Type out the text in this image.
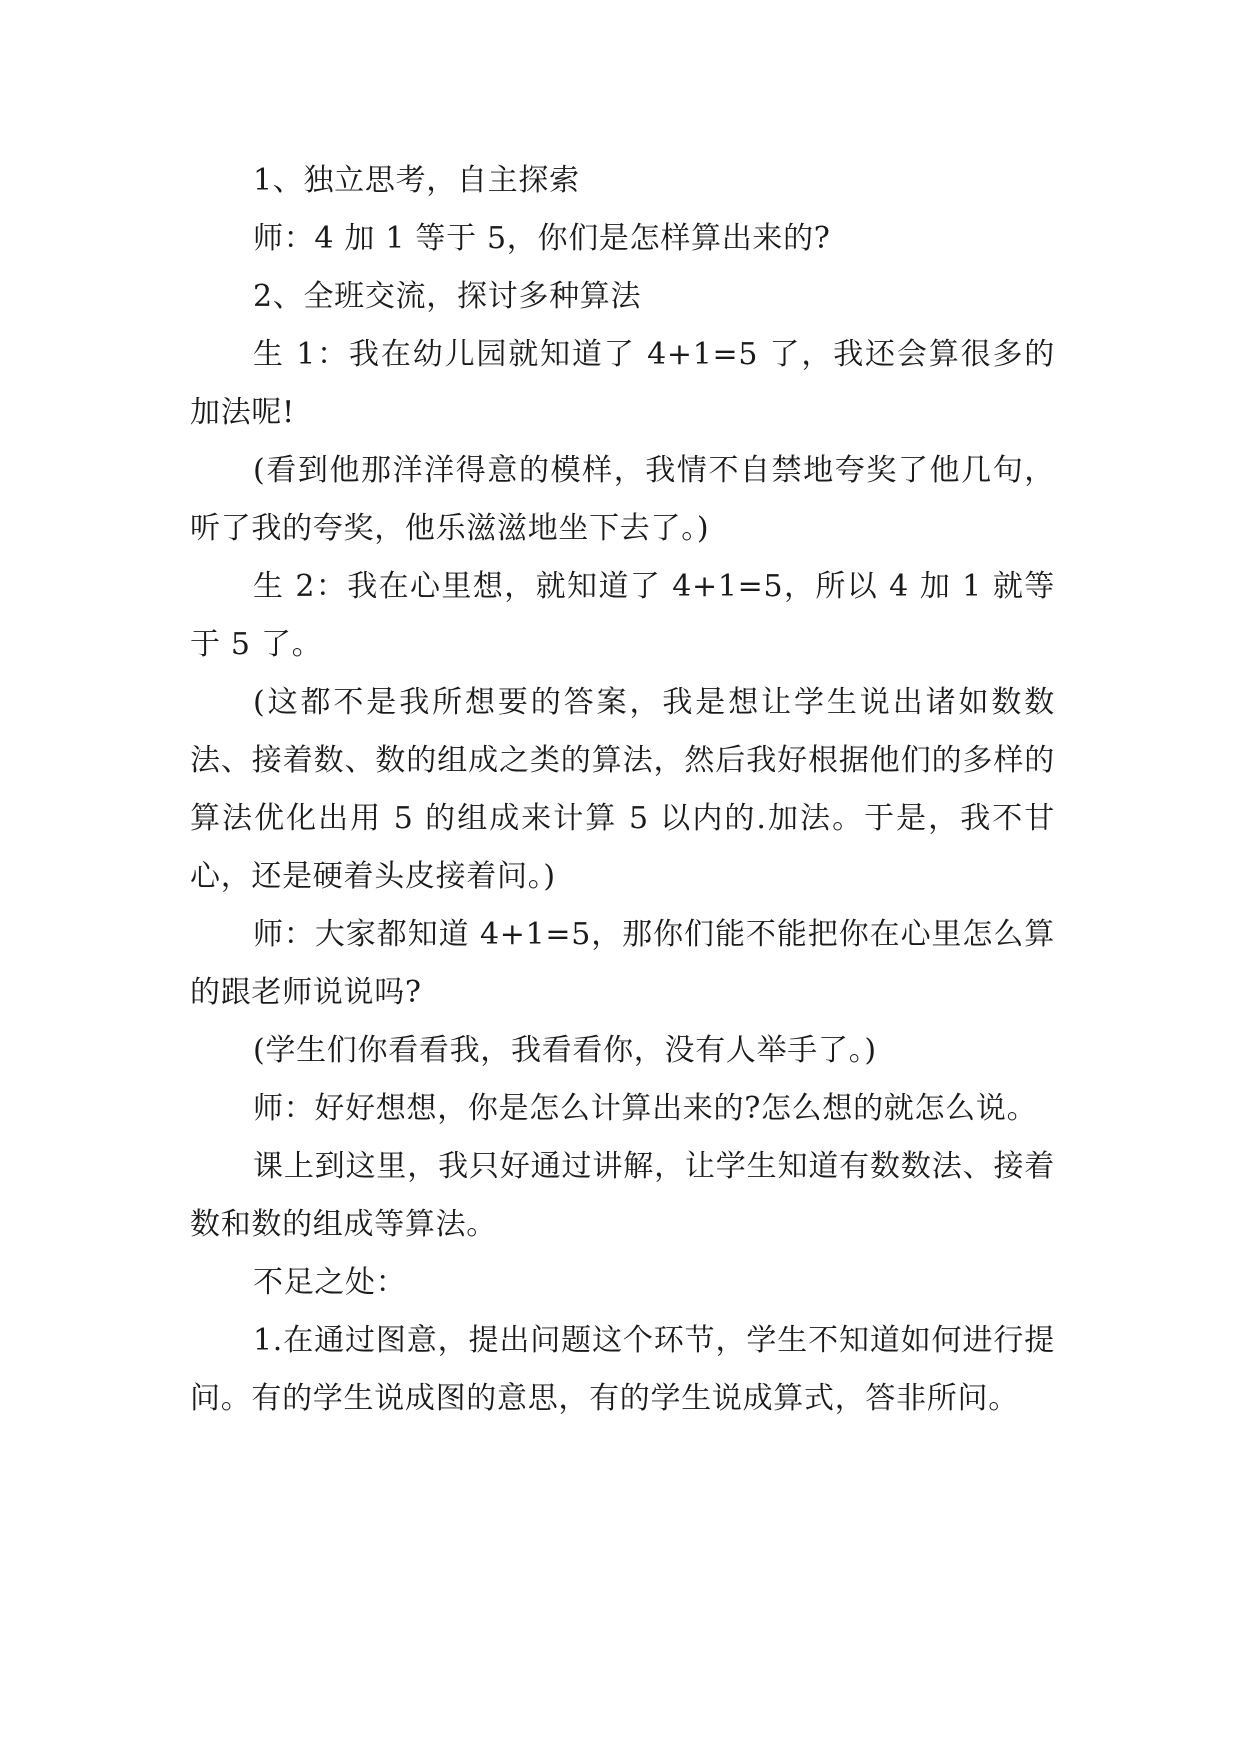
1、独立思考，自主探索

师：4 加 1 等于 5，你们是怎样算出来的?

2、全班交流，探讨多种算法

生 1：我在幼儿园就知道了 4+1=5 了，我还会算很多的加法呢!

(看到他那洋洋得意的模样，我情不自禁地夸奖了他几句，听了我的夸奖，他乐滋滋地坐下去了。)

生 2：我在心里想，就知道了 4+1=5，所以 4 加 1 就等于 5 了。

(这都不是我所想要的答案，我是想让学生说出诸如数数法、接着数、数的组成之类的算法，然后我好根据他们的多样的算法优化出用 5 的组成来计算 5 以内的.加法。于是，我不甘心，还是硬着头皮接着问。)

师：大家都知道 4+1=5，那你们能不能把你在心里怎么算的跟老师说说吗?

(学生们你看看我，我看看你，没有人举手了。)

师：好好想想，你是怎么计算出来的?怎么想的就怎么说。

课上到这里，我只好通过讲解，让学生知道有数数法、接着数和数的组成等算法。

不足之处：

1.在通过图意，提出问题这个环节，学生不知道如何进行提问。有的学生说成图的意思，有的学生说成算式，答非所问。
